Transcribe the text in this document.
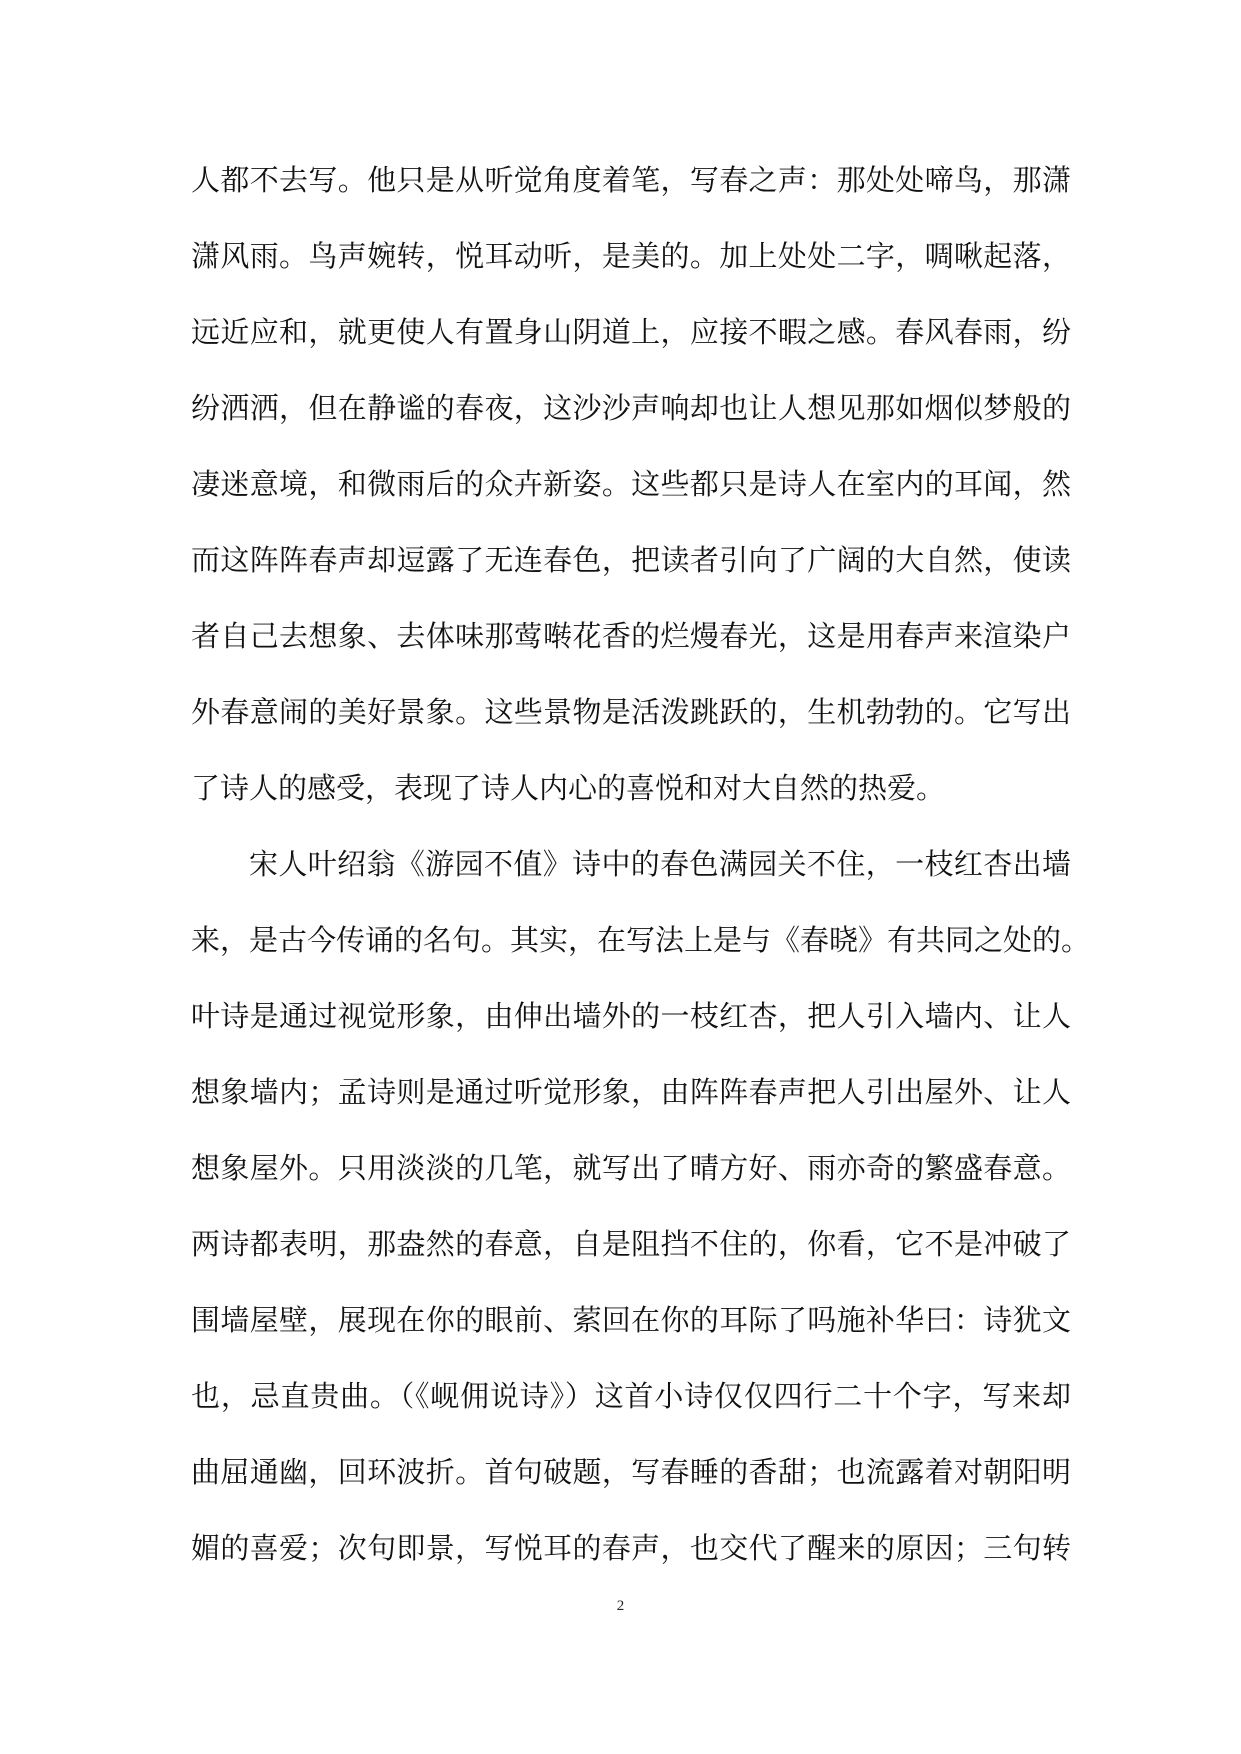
人都不去写。他只是从听觉角度着笔，写春之声：那处处啼鸟，那潇
潇风雨。鸟声婉转，悦耳动听，是美的。加上处处二字，啁啾起落，
远近应和，就更使人有置身山阴道上，应接不暇之感。春风春雨，纷
纷洒洒，但在静谧的春夜，这沙沙声响却也让人想见那如烟似梦般的
凄迷意境，和微雨后的众卉新姿。这些都只是诗人在室内的耳闻，然
而这阵阵春声却逗露了无连春色，把读者引向了广阔的大自然，使读
者自己去想象、去体味那莺啭花香的烂熳春光，这是用春声来渲染户
外春意闹的美好景象。这些景物是活泼跳跃的，生机勃勃的。它写出
了诗人的感受，表现了诗人内心的喜悦和对大自然的热爱。
宋人叶绍翁《游园不值》诗中的春色满园关不住，一枝红杏出墙
来，是古今传诵的名句。其实，在写法上是与《春晓》有共同之处的。
叶诗是通过视觉形象，由伸出墙外的一枝红杏，把人引入墙内、让人
想象墙内；孟诗则是通过听觉形象，由阵阵春声把人引出屋外、让人
想象屋外。只用淡淡的几笔，就写出了晴方好、雨亦奇的繁盛春意。
两诗都表明，那盎然的春意，自是阻挡不住的，你看，它不是冲破了
围墙屋壁，展现在你的眼前、萦回在你的耳际了吗施补华曰：诗犹文
也，忌直贵曲。（《岘佣说诗》）这首小诗仅仅四行二十个字，写来却
曲屈通幽，回环波折。首句破题，写春睡的香甜；也流露着对朝阳明
媚的喜爱；次句即景，写悦耳的春声，也交代了醒来的原因；三句转
2
